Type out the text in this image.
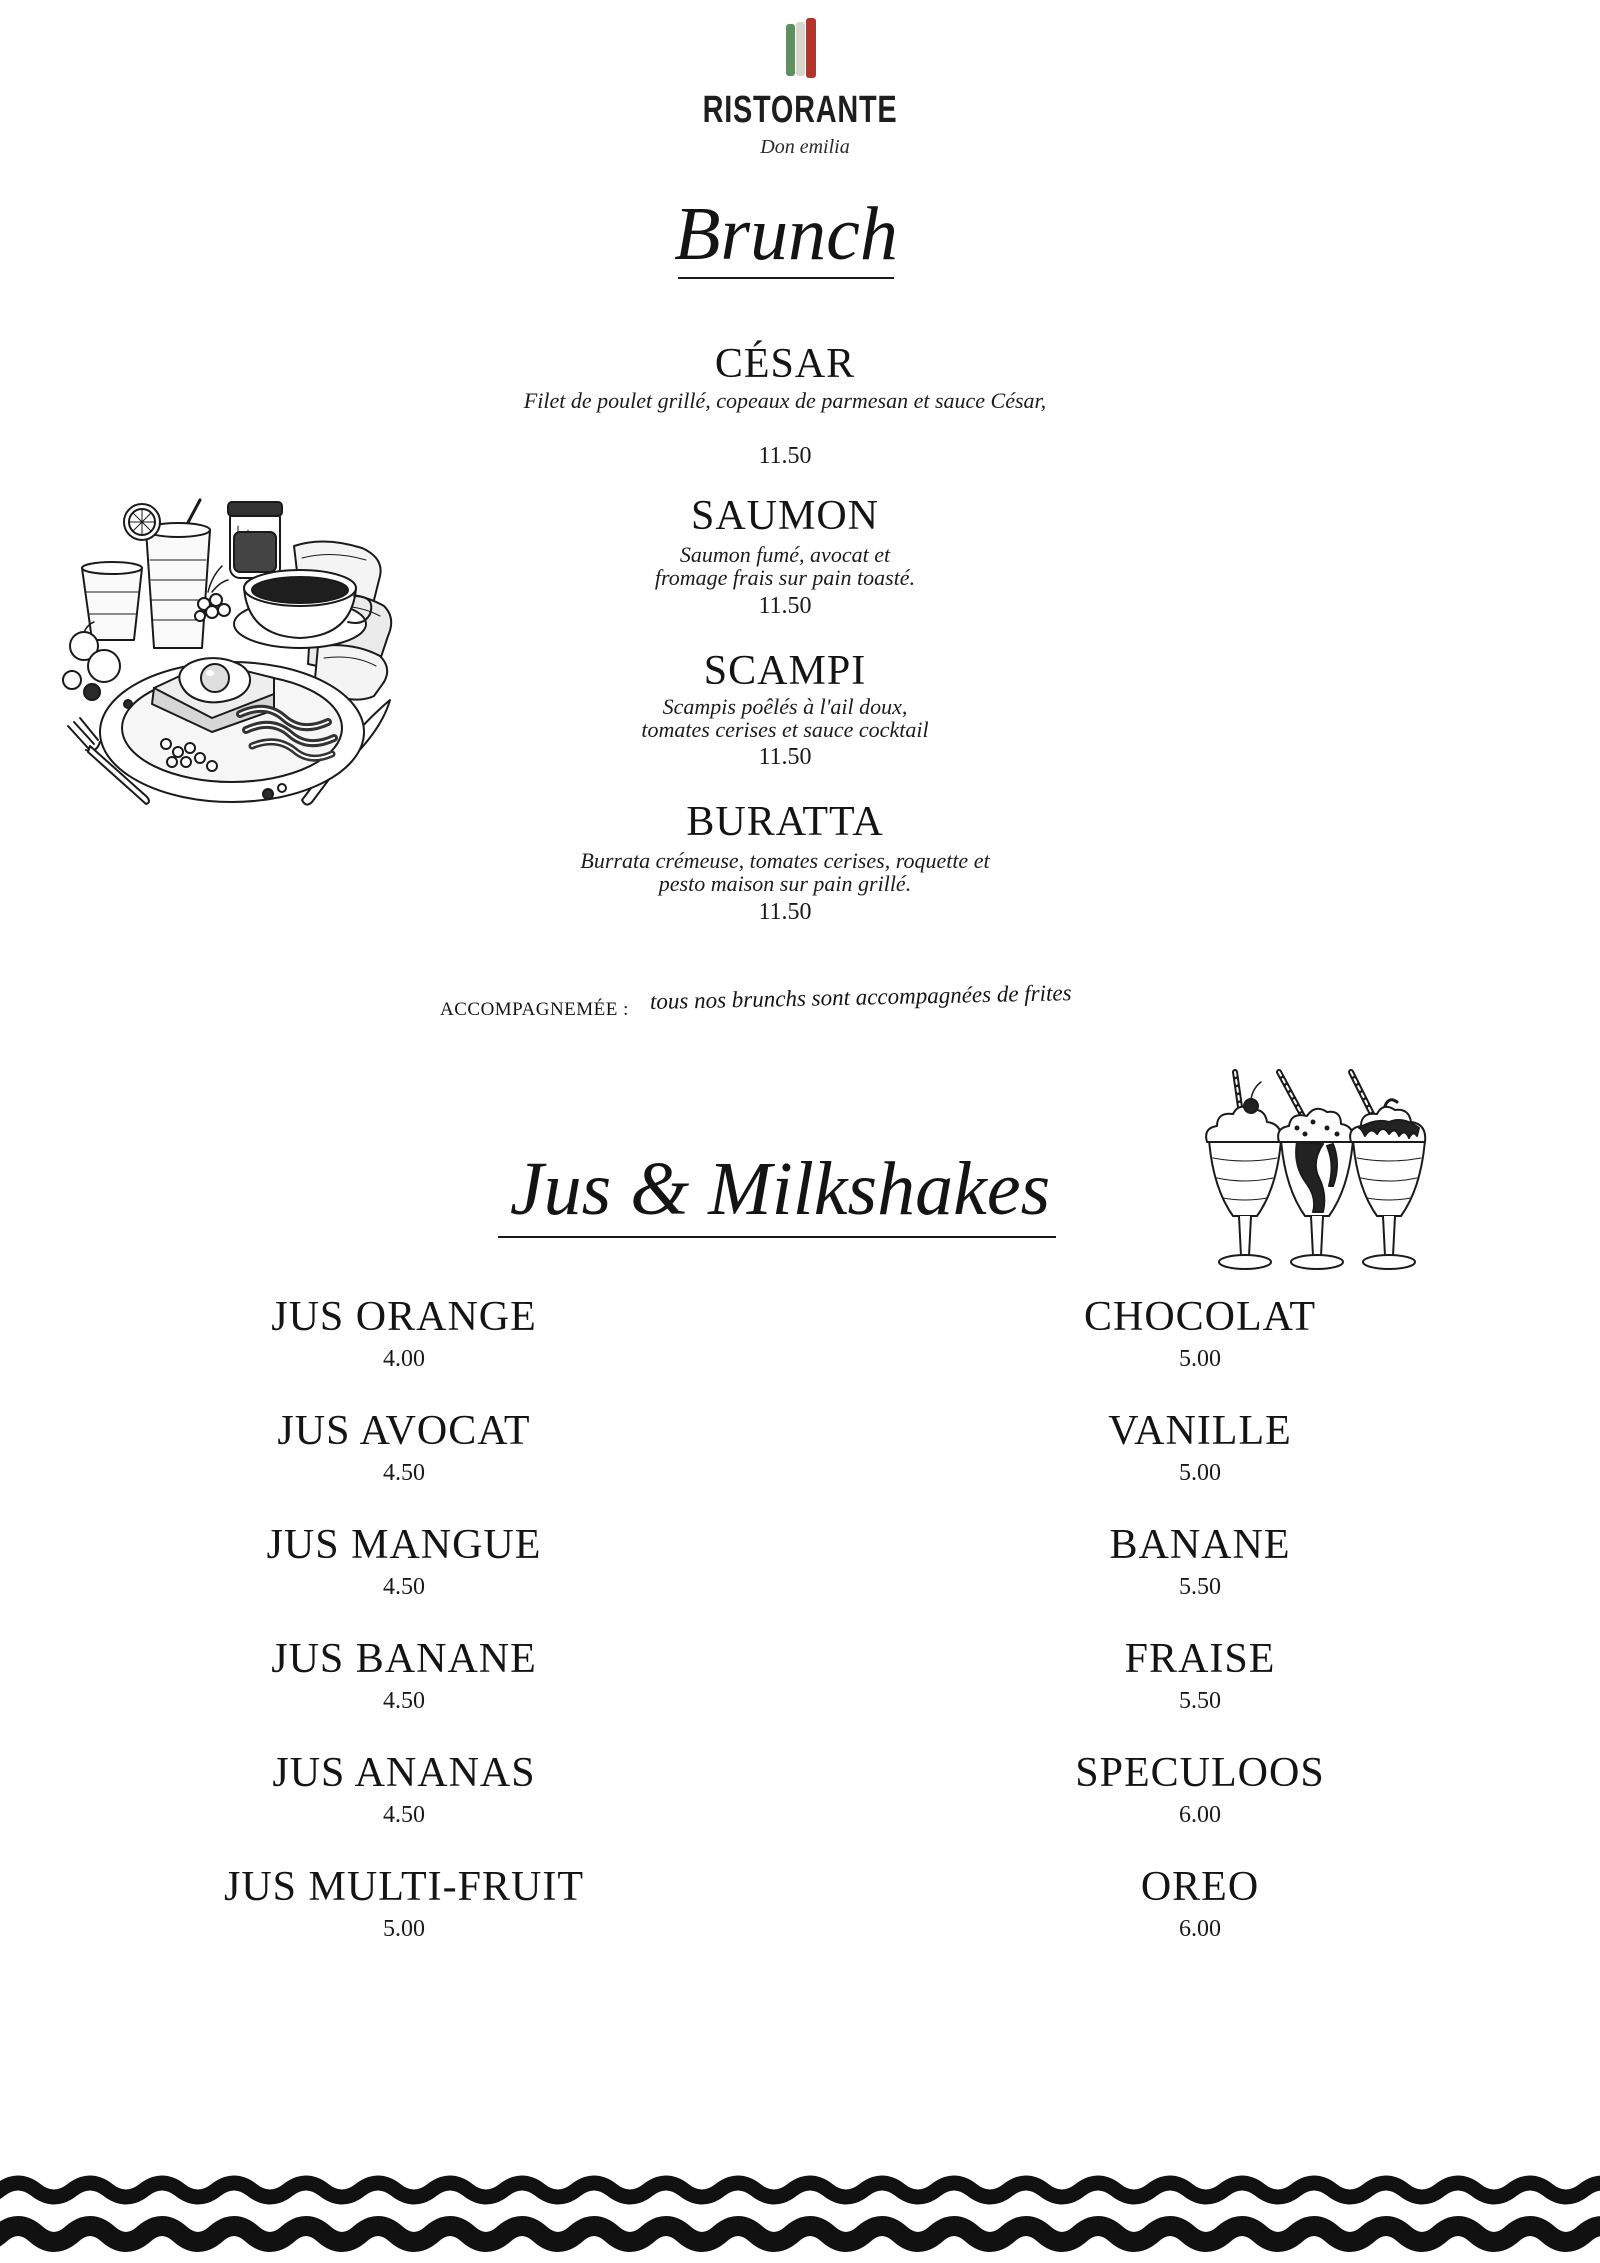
RISTORANTE
Don emilia
Brunch
CÉSAR
Filet de poulet grillé, copeaux de parmesan et sauce César,
11.50
SAUMON
Saumon fumé, avocat et
fromage frais sur pain toasté.
11.50
SCAMPI
Scampis poêlés à l'ail doux,
tomates cerises et sauce cocktail
11.50
BURATTA
Burrata crémeuse, tomates cerises, roquette et
pesto maison sur pain grillé.
11.50
ACCOMPAGNEMÉE : tous nos brunchs sont accompagnées de frites
Jus & Milkshakes
JUS ORANGE
4.00
JUS AVOCAT
4.50
JUS MANGUE
4.50
JUS BANANE
4.50
JUS ANANAS
4.50
JUS MULTI-FRUIT
5.00
CHOCOLAT
5.00
VANILLE
5.00
BANANE
5.50
FRAISE
5.50
SPECULOOS
6.00
OREO
6.00
